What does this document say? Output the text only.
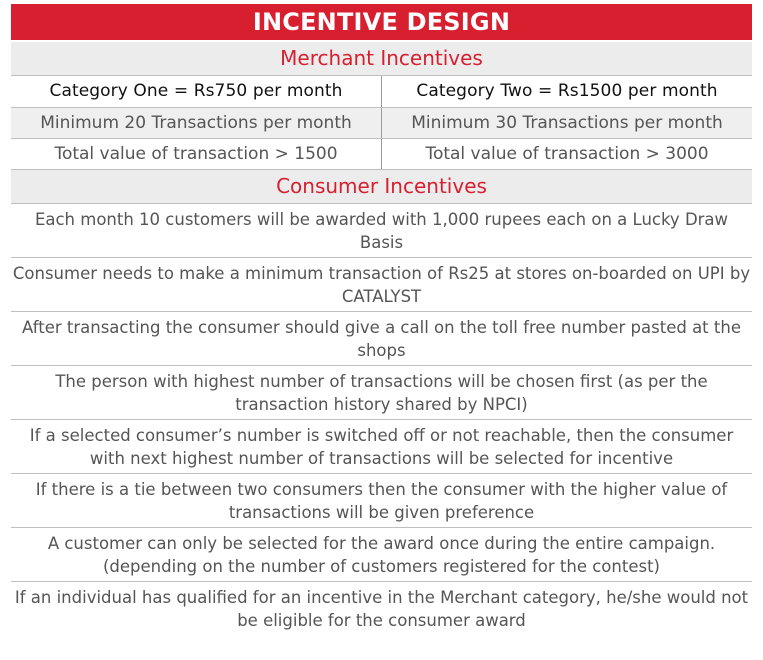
INCENTIVE DESIGN
Merchant Incentives
Category One = Rs750 per month	Category Two = Rs1500 per month
Minimum 20 Transactions per month	Minimum 30 Transactions per month
Total value of transaction > 1500	Total value of transaction > 3000
Consumer Incentives
Each month 10 customers will be awarded with 1,000 rupees each on a Lucky Draw Basis
Consumer needs to make a minimum transaction of Rs25 at stores on-boarded on UPI by CATALYST
After transacting the consumer should give a call on the toll free number pasted at the shops
The person with highest number of transactions will be chosen first (as per the transaction history shared by NPCI)
If a selected consumer’s number is switched off or not reachable, then the consumer with next highest number of transactions will be selected for incentive
If there is a tie between two consumers then the consumer with the higher value of transactions will be given preference
A customer can only be selected for the award once during the entire campaign. (depending on the number of customers registered for the contest)
If an individual has qualified for an incentive in the Merchant category, he/she would not be eligible for the consumer award
